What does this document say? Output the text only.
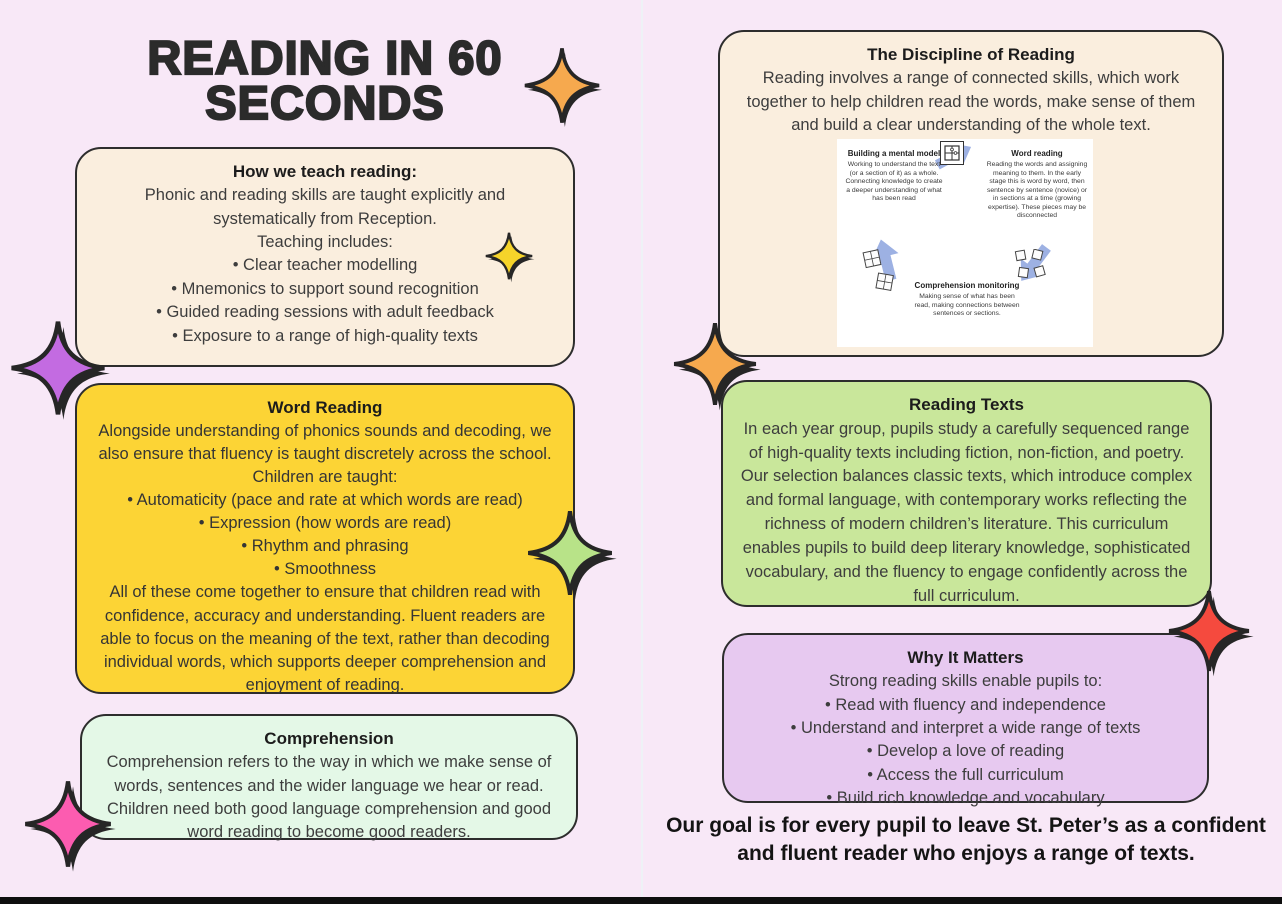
READING IN 60
SECONDS
How we teach reading:
Phonic and reading skills are taught explicitly and systematically from Reception.
Teaching includes:
• Clear teacher modelling
• Mnemonics to support sound recognition
• Guided reading sessions with adult feedback
• Exposure to a range of high-quality texts
Word Reading
Alongside understanding of phonics sounds and decoding, we also ensure that fluency is taught discretely across the school.
Children are taught:
• Automaticity (pace and rate at which words are read)
• Expression (how words are read)
• Rhythm and phrasing
• Smoothness
All of these come together to ensure that children read with confidence, accuracy and understanding. Fluent readers are able to focus on the meaning of the text, rather than decoding individual words, which supports deeper comprehension and enjoyment of reading.
Comprehension
Comprehension refers to the way in which we make sense of words, sentences and the wider language we hear or read. Children need both good language comprehension and good word reading to become good readers.
The Discipline of Reading
Reading involves a range of connected skills, which work together to help children read the words, make sense of them and build a clear understanding of the whole text.
Building a mental model
Working to understand the text (or a section of it) as a whole. Connecting knowledge to create a deeper understanding of what has been read
Word reading
Reading the words and assigning meaning to them. In the early stage this is word by word, then sentence by sentence (novice) or in sections at a time (growing expertise). These pieces may be disconnected
Comprehension monitoring
Making sense of what has been read, making connections between sentences or sections.
Reading Texts
In each year group, pupils study a carefully sequenced range of high-quality texts including fiction, non-fiction, and poetry. Our selection balances classic texts, which introduce complex and formal language, with contemporary works reflecting the richness of modern children’s literature. This curriculum enables pupils to build deep literary knowledge, sophisticated vocabulary, and the fluency to engage confidently across the full curriculum.
Why It Matters
Strong reading skills enable pupils to:
• Read with fluency and independence
• Understand and interpret a wide range of texts
• Develop a love of reading
• Access the full curriculum
• Build rich knowledge and vocabulary
Our goal is for every pupil to leave St. Peter’s as a confident and fluent reader who enjoys a range of texts.
